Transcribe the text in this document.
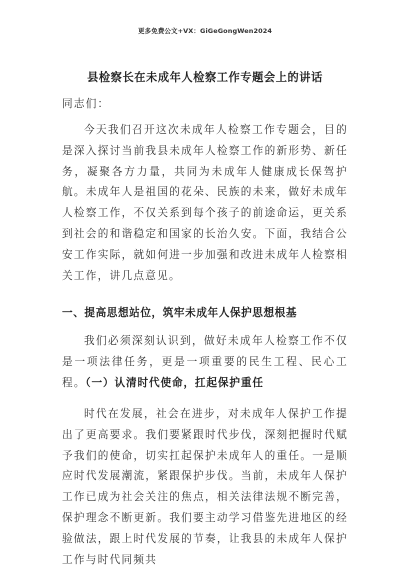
更多免费公文+VX：GiGeGongWen2024
县检察长在未成年人检察工作专题会上的讲话

同志们：

今天我们召开这次未成年人检察工作专题会，目的是深入探讨当前我县未成年人检察工作的新形势、新任务，凝聚各方力量，共同为未成年人健康成长保驾护航。未成年人是祖国的花朵、民族的未来，做好未成年人检察工作，不仅关系到每个孩子的前途命运，更关系到社会的和谐稳定和国家的长治久安。下面，我结合公安工作实际，就如何进一步加强和改进未成年人检察相关工作，讲几点意见。

一、提高思想站位，筑牢未成年人保护思想根基

我们必须深刻认识到，做好未成年人检察工作不仅是一项法律任务，更是一项重要的民生工程、民心工程。

（一）认清时代使命，扛起保护重任

时代在发展，社会在进步，对未成年人保护工作提出了更高要求。我们要紧跟时代步伐，深刻把握时代赋予我们的使命，切实扛起保护未成年人的重任。一是顺应时代发展潮流，紧跟保护步伐。当前，未成年人保护工作已成为社会关注的焦点，相关法律法规不断完善，保护理念不断更新。我们要主动学习借鉴先进地区的经验做法，跟上时代发展的节奏，让我县的未成年人保护工作与时代同频共
